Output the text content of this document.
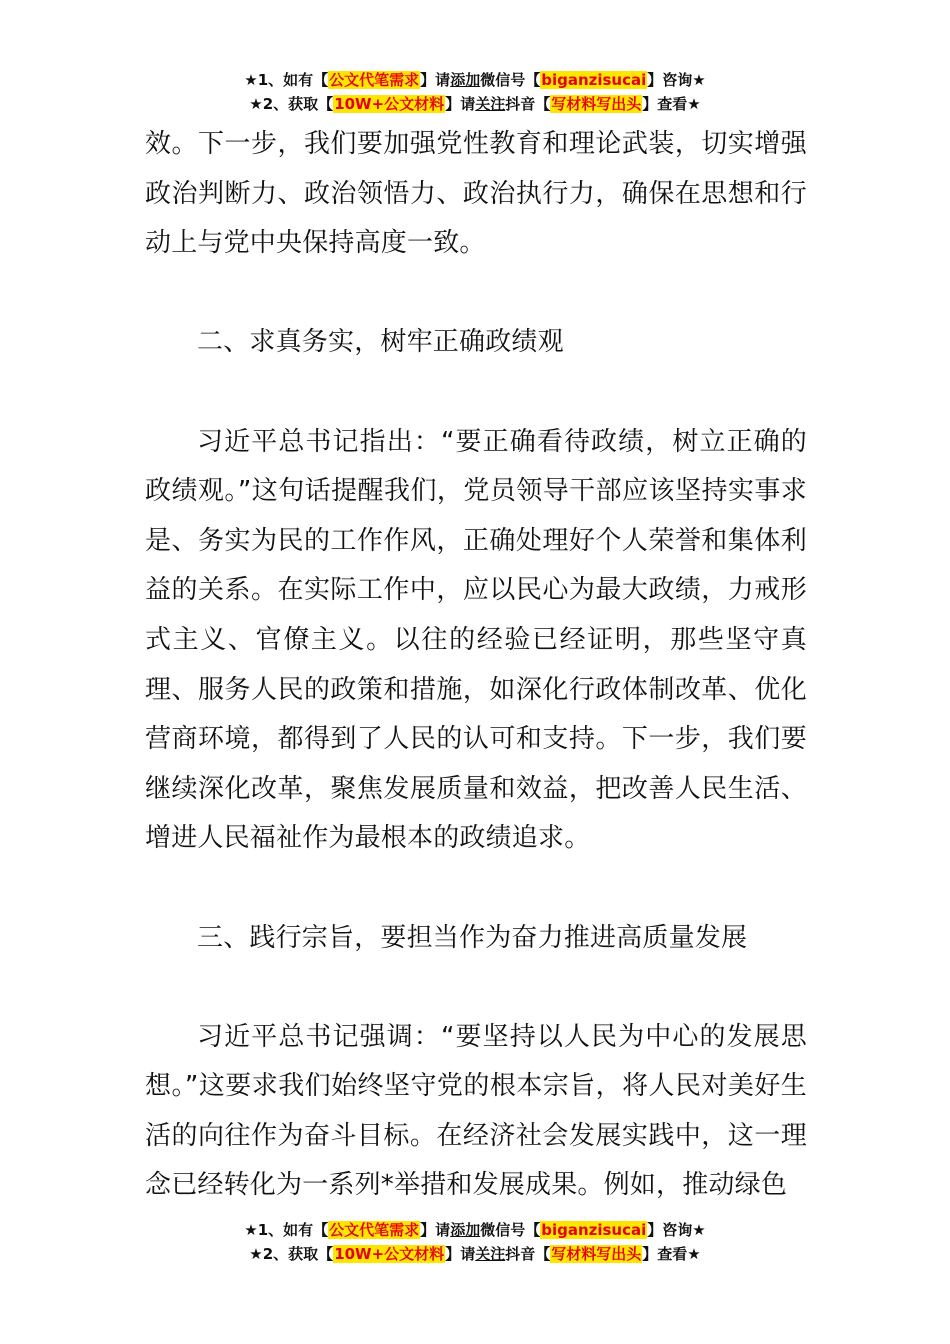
★1、如有【公文代笔需求】请添加微信号【biganzisucai】咨询★
★2、获取【10W+公文材料】请关注抖音【写材料写出头】查看★

效。下一步，我们要加强党性教育和理论武装，切实增强政治判断力、政治领悟力、政治执行力，确保在思想和行动上与党中央保持高度一致。

二、求真务实，树牢正确政绩观

习近平总书记指出：“要正确看待政绩，树立正确的政绩观。”这句话提醒我们，党员领导干部应该坚持实事求是、务实为民的工作作风，正确处理好个人荣誉和集体利益的关系。在实际工作中，应以民心为最大政绩，力戒形式主义、官僚主义。以往的经验已经证明，那些坚守真理、服务人民的政策和措施，如深化行政体制改革、优化营商环境，都得到了人民的认可和支持。下一步，我们要继续深化改革，聚焦发展质量和效益，把改善人民生活、增进人民福祉作为最根本的政绩追求。

三、践行宗旨，要担当作为奋力推进高质量发展

习近平总书记强调：“要坚持以人民为中心的发展思想。”这要求我们始终坚守党的根本宗旨，将人民对美好生活的向往作为奋斗目标。在经济社会发展实践中，这一理念已经转化为一系列*举措和发展成果。例如，推动绿色

★1、如有【公文代笔需求】请添加微信号【biganzisucai】咨询★
★2、获取【10W+公文材料】请关注抖音【写材料写出头】查看★
